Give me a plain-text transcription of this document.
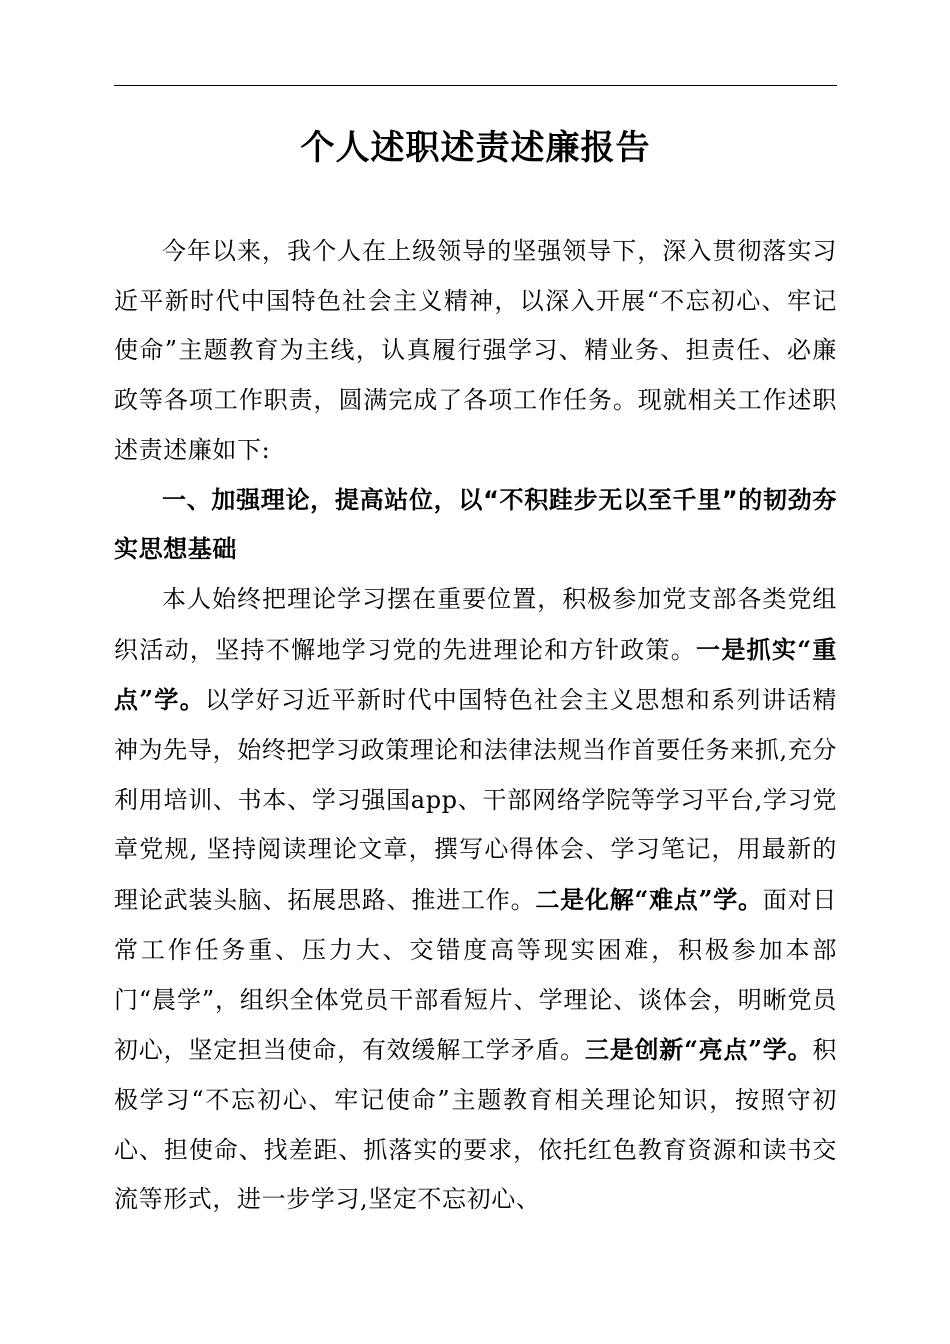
个人述职述责述廉报告

今年以来，我个人在上级领导的坚强领导下，深入贯彻落实习近平新时代中国特色社会主义精神，以深入开展“不忘初心、牢记使命”主题教育为主线，认真履行强学习、精业务、担责任、必廉政等各项工作职责，圆满完成了各项工作任务。现就相关工作述职述责述廉如下:

一、加强理论，提高站位，以“不积跬步无以至千里”的韧劲夯实思想基础

本人始终把理论学习摆在重要位置，积极参加党支部各类党组织活动，坚持不懈地学习党的先进理论和方针政策。一是抓实“重点”学。以学好习近平新时代中国特色社会主义思想和系列讲话精神为先导，始终把学习政策理论和法律法规当作首要任务来抓,充分利用培训、书本、学习强国app、干部网络学院等学习平台,学习党章党规, 坚持阅读理论文章，撰写心得体会、学习笔记，用最新的理论武装头脑、拓展思路、推进工作。二是化解“难点”学。面对日常工作任务重、压力大、交错度高等现实困难，积极参加本部门“晨学”，组织全体党员干部看短片、学理论、谈体会，明晰党员初心，坚定担当使命，有效缓解工学矛盾。三是创新“亮点”学。积极学习“不忘初心、牢记使命”主题教育相关理论知识，按照守初心、担使命、找差距、抓落实的要求，依托红色教育资源和读书交流等形式，进一步学习,坚定不忘初心、
